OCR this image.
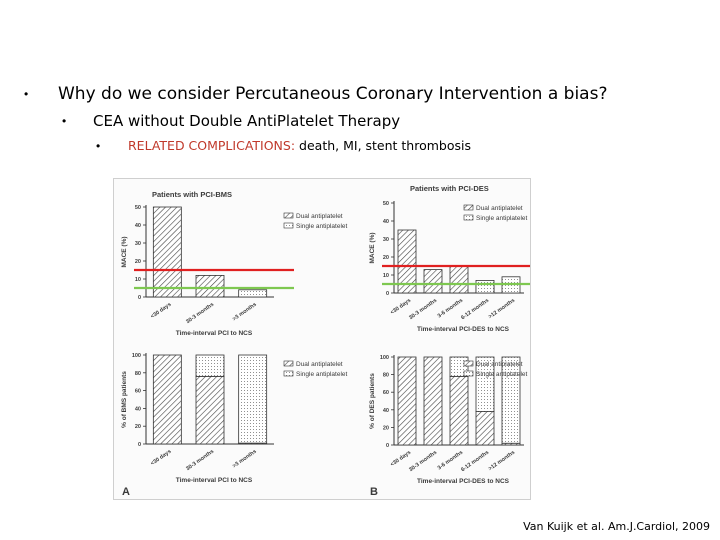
• Why do we consider Percutaneous Coronary Intervention a bias?
• CEA without Double AntiPlatelet Therapy
• RELATED COMPLICATIONS: death, MI, stent thrombosis
Patients with PCI-BMS
0
10
20
30
40
50
MACE (%)
<30 days 30-3 months	>3 months
Time-interval PCI to NCS
Dual antiplatelet
Single antiplatelet
Patients with PCI-DES
0
10
20
30
40
50
MACE (%)
<30 days
30-3 months
3-6 months
6-12 months
>12 months
Time-interval PCI-DES to NCS
Dual antiplatelet
Single antiplatelet
0
20
40
60
80
100
% of BMS patients
<30 days 30-3 months	>3 months
Time-interval PCI to NCS
Dual antiplatelet
Single antiplatelet
0
20
40
60
80
100
% of DES patients
<30 days
30-3 months
3-6 months
6-12 months
>12 months
Time-interval PCI-DES to NCS
Dual antiplatelet
Single antiplatelet
A	B
Van Kuijk et al. Am.J.Cardiol, 2009
